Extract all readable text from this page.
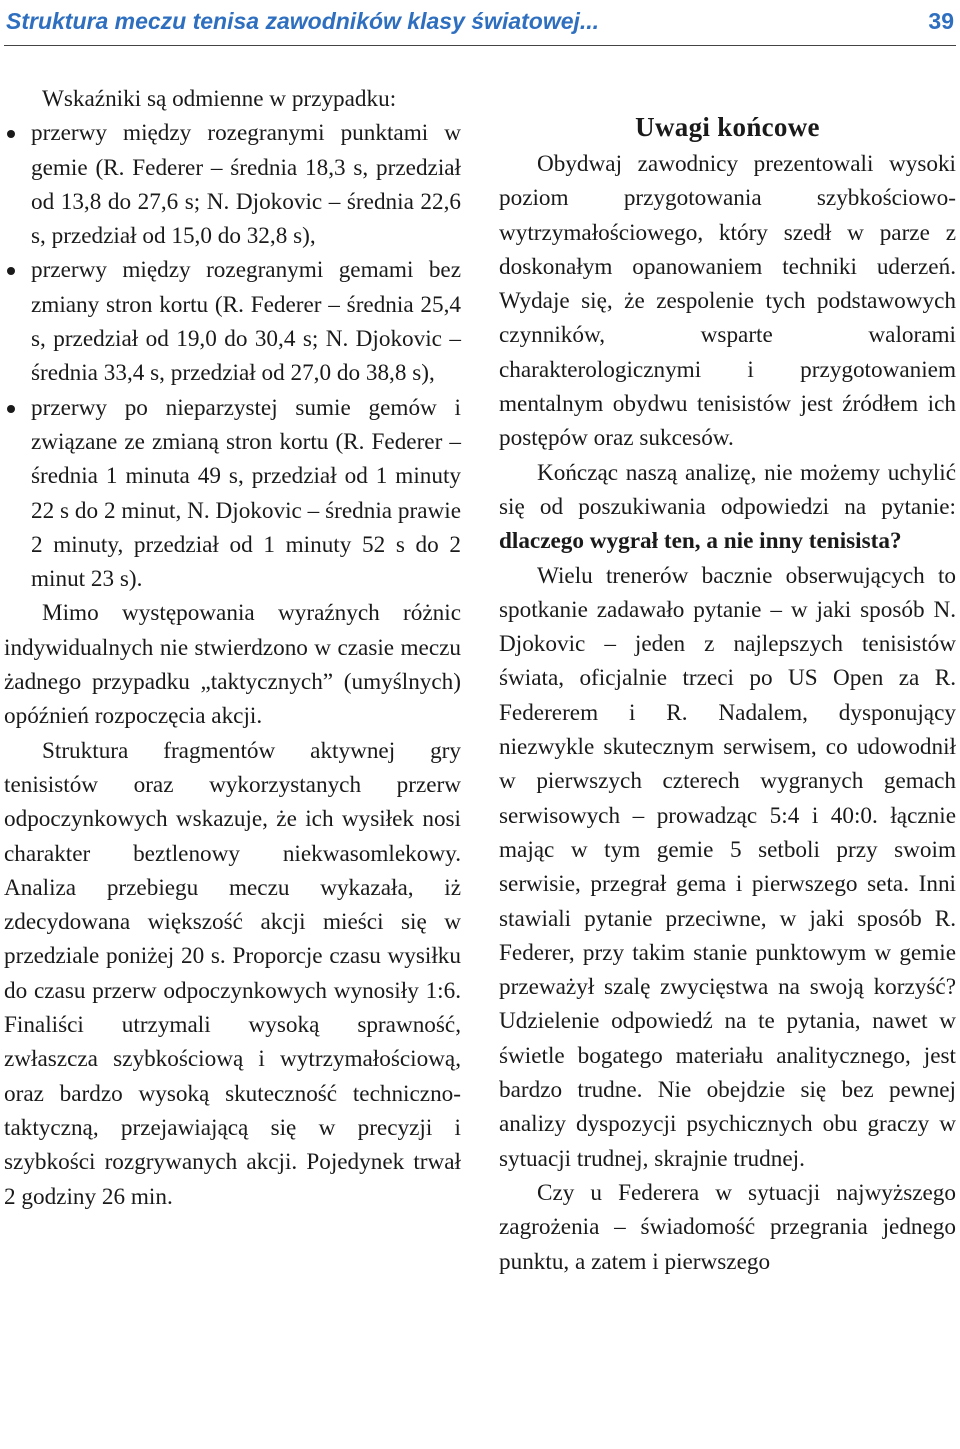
Struktura meczu tenisa zawodników klasy światowej...	39

Wskaźniki są odmienne w przypadku:

przerwy między rozegranymi punktami w gemie (R. Federer – średnia 18,3 s, przedział od 13,8 do 27,6 s; N. Djokovic – średnia 22,6 s, przedział od 15,0 do 32,8 s),
przerwy między rozegranymi gemami bez zmiany stron kortu (R. Federer – średnia 25,4 s, przedział od 19,0 do 30,4 s; N. Djokovic – średnia 33,4 s, przedział od 27,0 do 38,8 s),
przerwy po nieparzystej sumie gemów i związane ze zmianą stron kortu (R. Federer – średnia 1 minuta 49 s, przedział od 1 minuty 22 s do 2 minut, N. Djokovic – średnia prawie 2 minuty, przedział od 1 minuty 52 s do 2 minut 23 s).

Mimo występowania wyraźnych różnic indywidualnych nie stwierdzono w czasie meczu żadnego przypadku „taktycznych” (umyślnych) opóźnień rozpoczęcia akcji.

Struktura fragmentów aktywnej gry tenisistów oraz wykorzystanych przerw odpoczynkowych wskazuje, że ich wysiłek nosi charakter beztlenowy niekwasomlekowy. Analiza przebiegu meczu wykazała, iż zdecydowana większość akcji mieści się w przedziale poniżej 20 s. Proporcje czasu wysiłku do czasu przerw odpoczynkowych wynosiły 1:6. Finaliści utrzymali wysoką sprawność, zwłaszcza szybkościową i wytrzymałościową, oraz bardzo wysoką skuteczność techniczno-taktyczną, przejawiającą się w precyzji i szybkości rozgrywanych akcji. Pojedynek trwał 2 godziny 26 min.

Uwagi końcowe

Obydwaj zawodnicy prezentowali wysoki poziom przygotowania szybkościowo-wytrzymałościowego, który szedł w parze z doskonałym opanowaniem techniki uderzeń. Wydaje się, że zespolenie tych podstawowych czynników, wsparte walorami charakterologicznymi i przygotowaniem mentalnym obydwu tenisistów jest źródłem ich postępów oraz sukcesów.

Kończąc naszą analizę, nie możemy uchylić się od poszukiwania odpowiedzi na pytanie: dlaczego wygrał ten, a nie inny tenisista?

Wielu trenerów bacznie obserwujących to spotkanie zadawało pytanie – w jaki sposób N. Djokovic – jeden z najlepszych tenisistów świata, oficjalnie trzeci po US Open za R. Federerem i R. Nadalem, dysponujący niezwykle skutecznym serwisem, co udowodnił w pierwszych czterech wygranych gemach serwisowych – prowadząc 5:4 i 40:0. łącznie mając w tym gemie 5 setboli przy swoim serwisie, przegrał gema i pierwszego seta. Inni stawiali pytanie przeciwne, w jaki sposób R. Federer, przy takim stanie punktowym w gemie przeważył szalę zwycięstwa na swoją korzyść? Udzielenie odpowiedź na te pytania, nawet w świetle bogatego materiału analitycznego, jest bardzo trudne. Nie obejdzie się bez pewnej analizy dyspozycji psychicznych obu graczy w sytuacji trudnej, skrajnie trudnej.

Czy u Federera w sytuacji najwyższego zagrożenia – świadomość przegrania jednego punktu, a zatem i pierwszego
